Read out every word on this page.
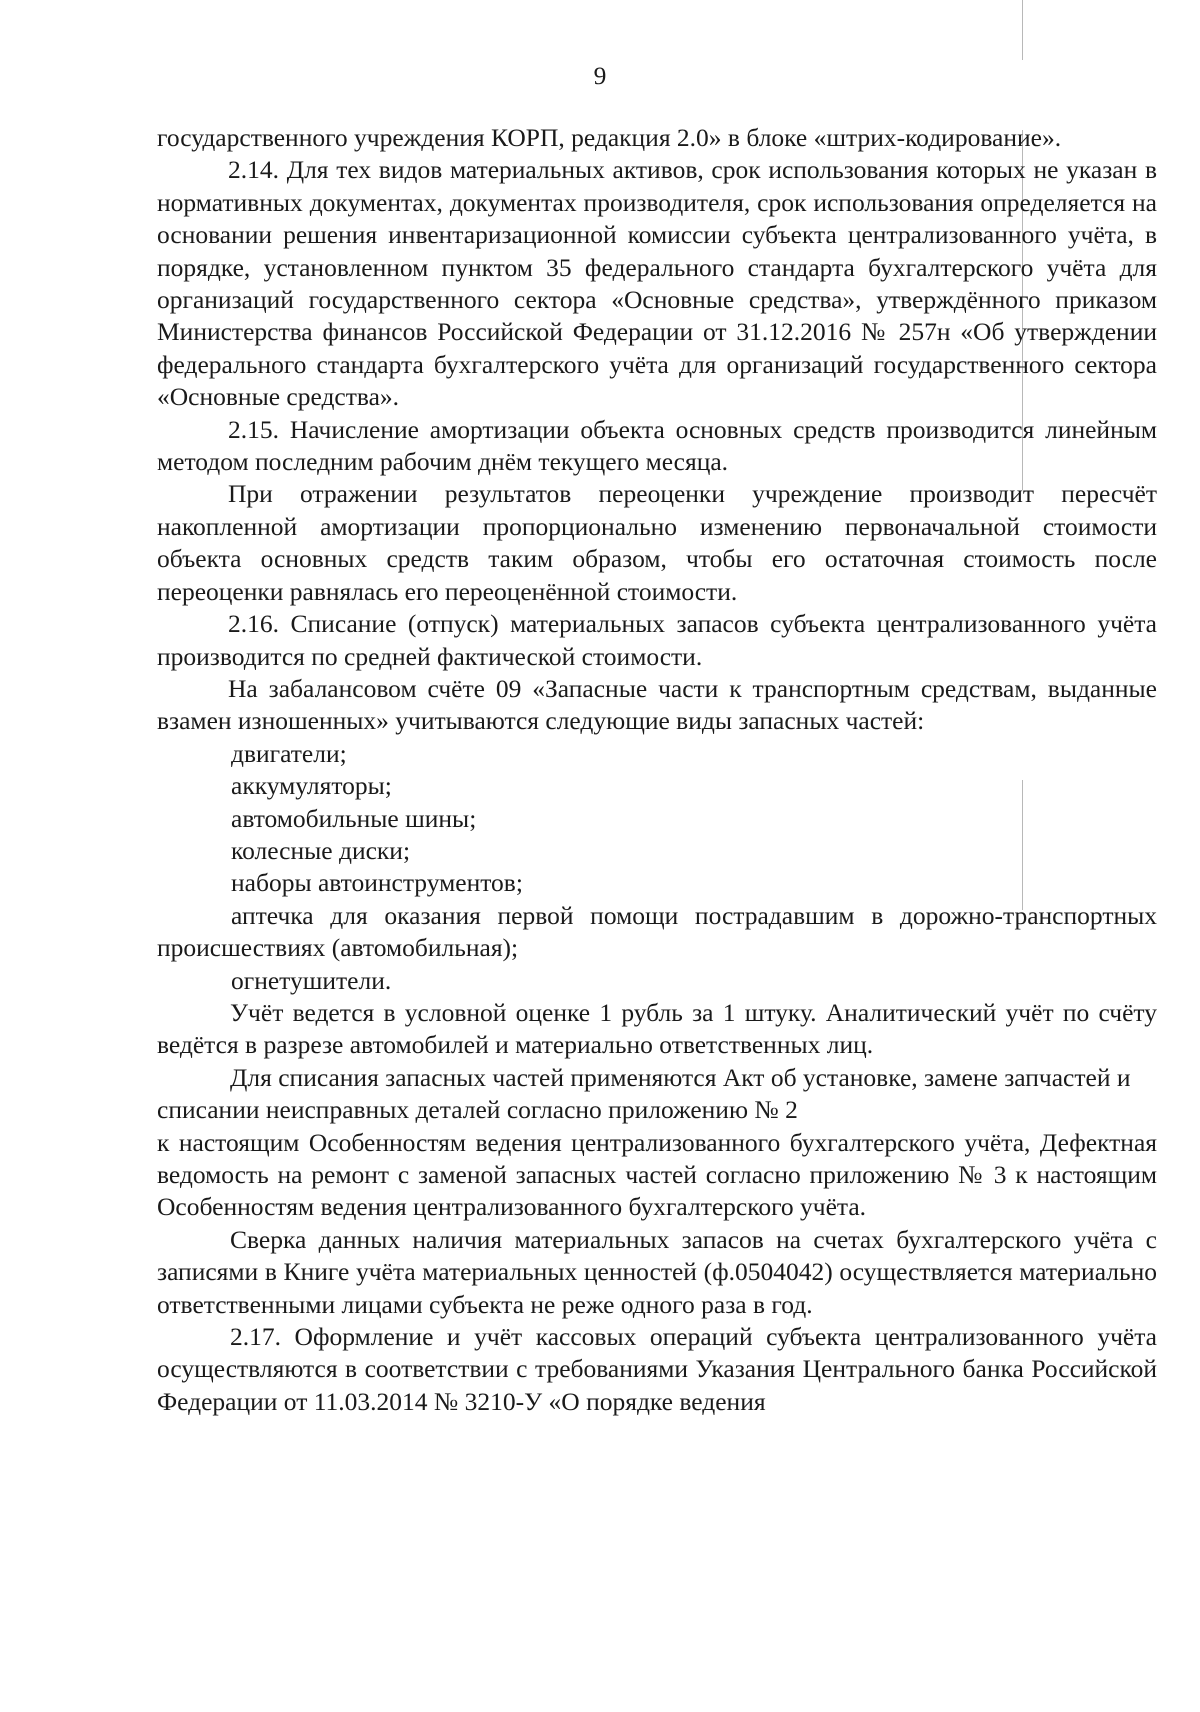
9

государственного учреждения КОРП, редакция 2.0» в блоке «штрих-кодирование».

2.14. Для тех видов материальных активов, срок использования которых не указан в нормативных документах, документах производителя, срок использования определяется на основании решения инвентаризационной комиссии субъекта централизованного учёта, в порядке, установленном пунктом 35 федерального стандарта бухгалтерского учёта для организаций государственного сектора «Основные средства», утверждённого приказом Министерства финансов Российской Федерации от 31.12.2016 № 257н «Об утверждении федерального стандарта бухгалтерского учёта для организаций государственного сектора «Основные средства».

2.15. Начисление амортизации объекта основных средств производится линейным методом последним рабочим днём текущего месяца.

При отражении результатов переоценки учреждение производит пересчёт накопленной амортизации пропорционально изменению первоначальной стоимости объекта основных средств таким образом, чтобы его остаточная стоимость после переоценки равнялась его переоценённой стоимости.

2.16. Списание (отпуск) материальных запасов субъекта централизованного учёта производится по средней фактической стоимости.

На забалансовом счёте 09 «Запасные части к транспортным средствам, выданные взамен изношенных» учитываются следующие виды запасных частей:

двигатели;

аккумуляторы;

автомобильные шины;

колесные диски;

наборы автоинструментов;

аптечка для оказания первой помощи пострадавшим в дорожно-транспортных происшествиях (автомобильная);

огнетушители.

Учёт ведется в условной оценке 1 рубль за 1 штуку. Аналитический учёт по счёту ведётся в разрезе автомобилей и материально ответственных лиц.

Для списания запасных частей применяются Акт об установке, замене запчастей и списании неисправных деталей согласно приложению № 2

к настоящим Особенностям ведения централизованного бухгалтерского учёта, Дефектная ведомость на ремонт с заменой запасных частей согласно приложению № 3 к настоящим Особенностям ведения централизованного бухгалтерского учёта.

Сверка данных наличия материальных запасов на счетах бухгалтерского учёта с записями в Книге учёта материальных ценностей (ф.0504042) осуществляется материально ответственными лицами субъекта не реже одного раза в год.

2.17. Оформление и учёт кассовых операций субъекта централизованного учёта осуществляются в соответствии с требованиями Указания Центрального банка Российской Федерации от 11.03.2014 № 3210-У «О порядке ведения
